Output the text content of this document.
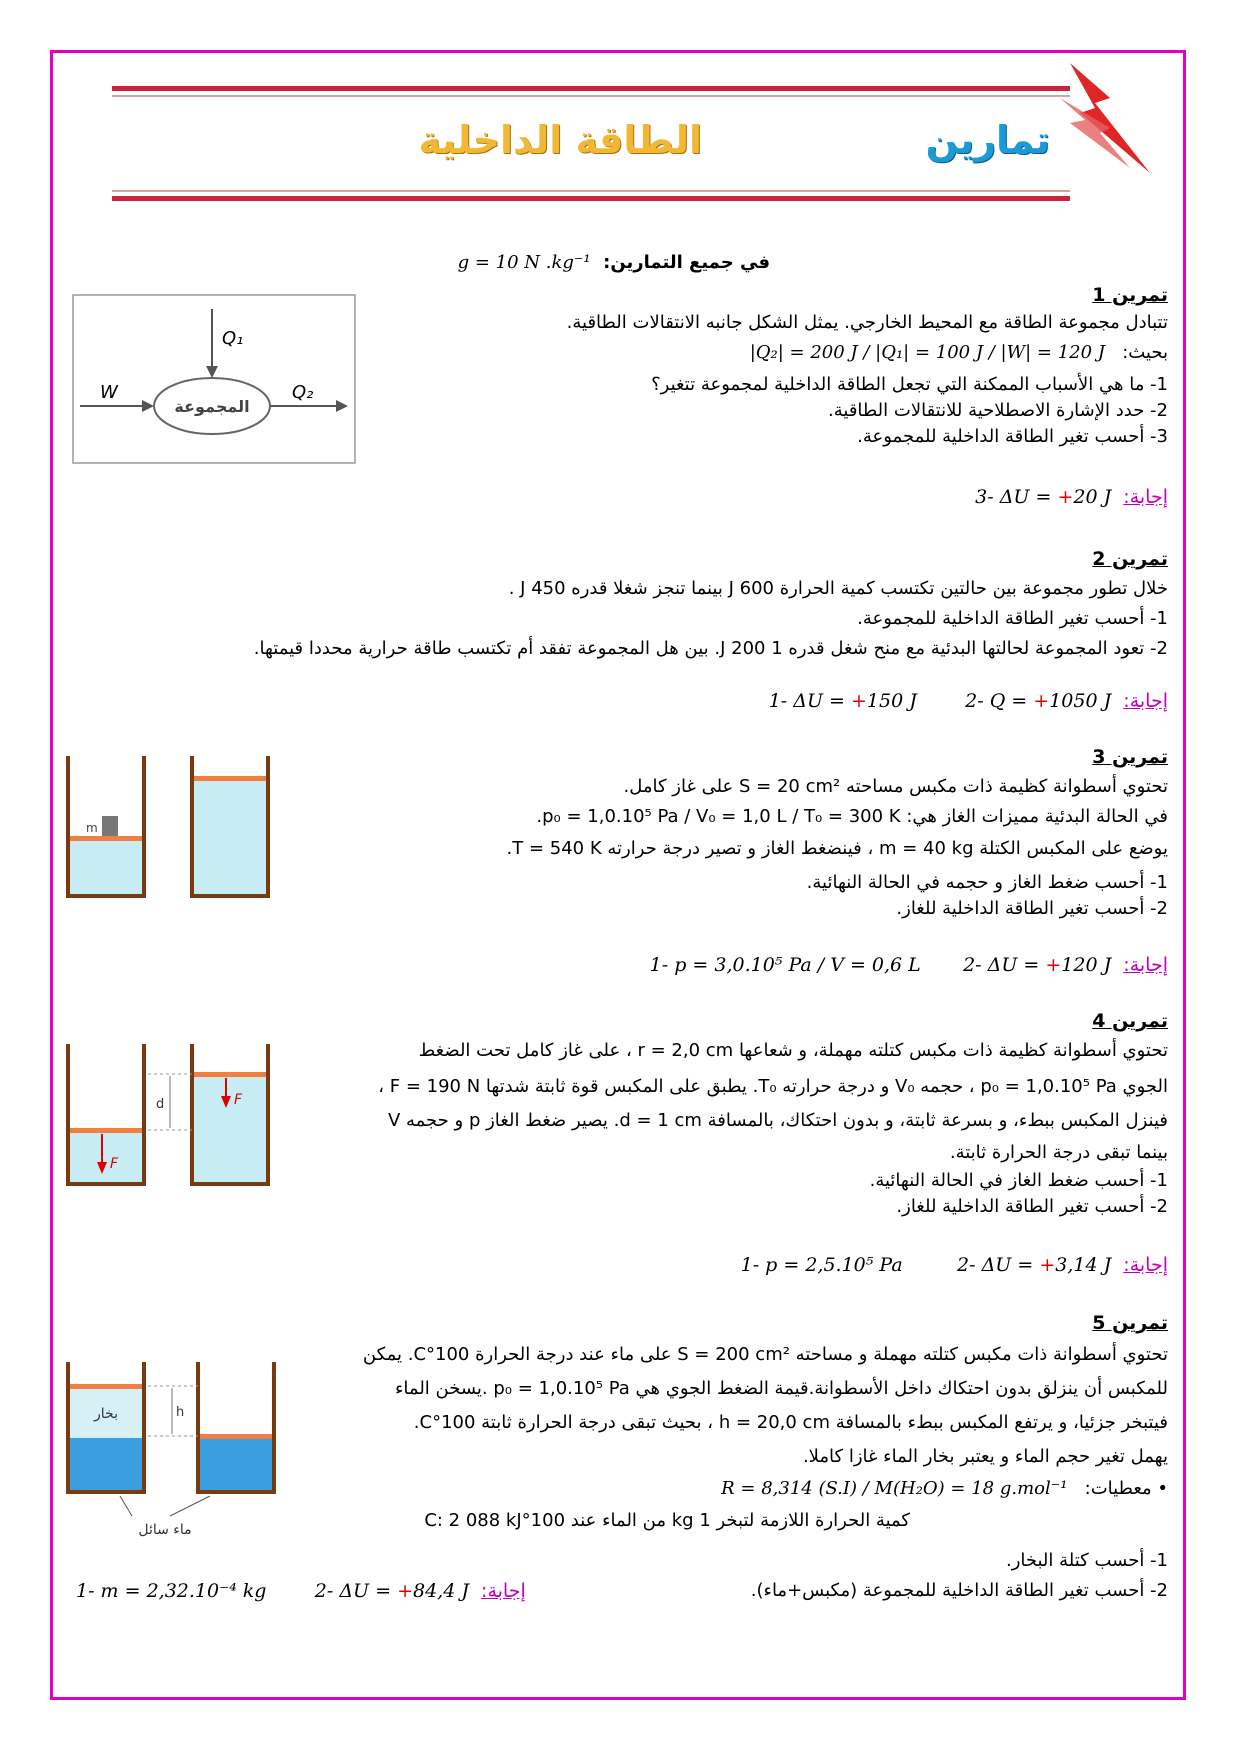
الطاقة الداخلية	تمارين
في جميع التمارين:  g = 10 N .kg⁻¹
تمرين 1
تتبادل مجموعة الطاقة مع المحيط الخارجي. يمثل الشكل جانبه الانتقالات الطاقية.
بحيث:   |Q₂| = 200 J / |Q₁| = 100 J / |W| = 120 J
1- ما هي الأسباب الممكنة التي تجعل الطاقة الداخلية لمجموعة تتغير؟
2- حدد الإشارة الاصطلاحية للانتقالات الطاقية.
3- أحسب تغير الطاقة الداخلية للمجموعة.
إجابة:  3- ΔU = +20 J
المجموعة
Q₁
W	Q₂
تمرين 2
خلال تطور مجموعة بين حالتين تكتسب كمية الحرارة 600 J بينما تنجز شغلا قدره 450 J .
1- أحسب تغير الطاقة الداخلية للمجموعة.
2- تعود المجموعة لحالتها البدئية مع منح شغل قدره 1 200 J. بين هل المجموعة تفقد أم تكتسب طاقة حرارية محددا قيمتها.
إجابة:  1- ΔU = +150 J	2- Q = +1050 J
تمرين 3
تحتوي أسطوانة كظيمة ذات مكبس مساحته S = 20 cm² على غاز كامل.
في الحالة البدئية مميزات الغاز هي: p₀ = 1,0.10⁵ Pa / V₀ = 1,0 L / T₀ = 300 K.
يوضع على المكبس الكتلة m = 40 kg ، فينضغط الغاز و تصير درجة حرارته T = 540 K.
1- أحسب ضغط الغاز و حجمه في الحالة النهائية.
2- أحسب تغير الطاقة الداخلية للغاز.
إجابة:  1- p = 3,0.10⁵ Pa / V = 0,6 L 2- ΔU = +120 J
m
تمرين 4
تحتوي أسطوانة كظيمة ذات مكبس كتلته مهملة، و شعاعها r = 2,0 cm ، على غاز كامل تحت الضغط
الجوي p₀ = 1,0.10⁵ Pa ، حجمه V₀ و درجة حرارته T₀. يطبق على المكبس قوة ثابتة شدتها F = 190 N ،
فينزل المكبس ببطء، و بسرعة ثابتة، و بدون احتكاك، بالمسافة d = 1 cm. يصير ضغط الغاز p و حجمه V
بينما تبقى درجة الحرارة ثابتة.
1- أحسب ضغط الغاز في الحالة النهائية.
2- أحسب تغير الطاقة الداخلية للغاز.
إجابة:  1- p = 2,5.10⁵ Pa	2- ΔU = +3,14 J
F
F
d
تمرين 5
تحتوي أسطوانة ذات مكبس كتلته مهملة و مساحته S = 200 cm² على ماء عند درجة الحرارة 100°C. يمكن
للمكبس أن ينزلق بدون احتكاك داخل الأسطوانة.قيمة الضغط الجوي هي p₀ = 1,0.10⁵ Pa .يسخن الماء
فيتبخر جزئيا، و يرتفع المكبس ببطء بالمسافة h = 20,0 cm ، بحيث تبقى درجة الحرارة ثابتة 100°C.
يهمل تغير حجم الماء و يعتبر بخار الماء غازا كاملا.
• معطيات:   R = 8,314 (S.I) / M(H₂O) = 18 g.mol⁻¹
كمية الحرارة اللازمة لتبخر 1 kg من الماء عند 100°C: 2 088 kJ
1- أحسب كتلة البخار.
2- أحسب تغير الطاقة الداخلية للمجموعة (مكبس+ماء).
إجابة:  1- m = 2,32.10⁻⁴ kg	2- ΔU = +84,4 J
بخار	h
ماء سائل
